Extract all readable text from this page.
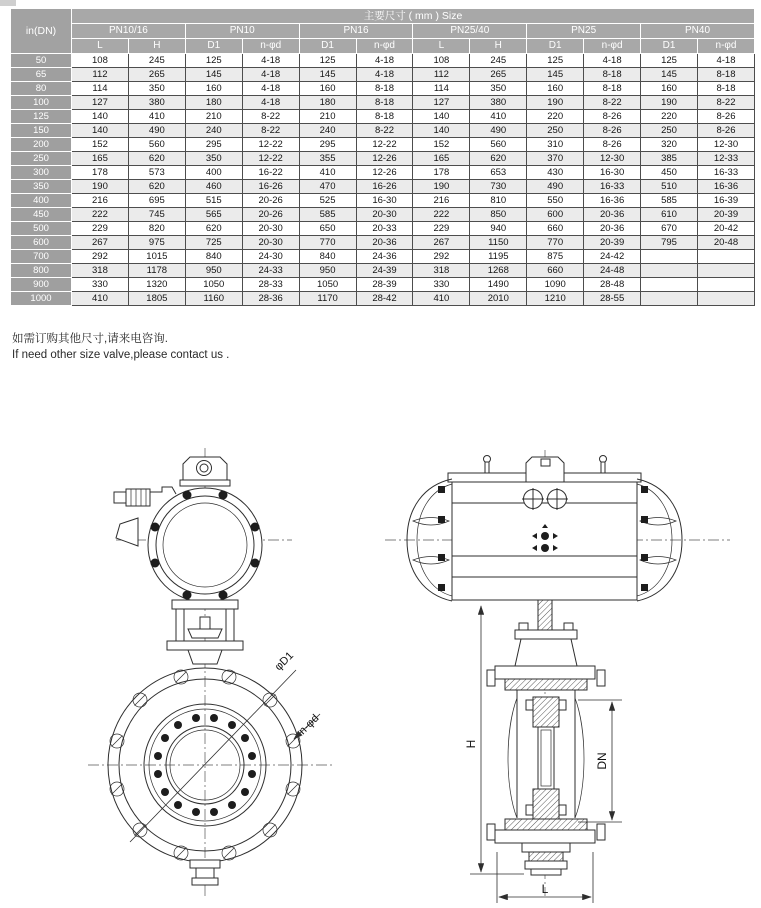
in(DN)	主要尺寸 ( mm ) Size											
	PN10/16		PN10		PN16		PN25/40		PN25		PN40	
	L	H	D1	n-φd	D1	n-φd	L	H	D1	n-φd	D1	n-φd
50	108	245	125	4-18	125	4-18	108	245	125	4-18	125	4-18
65	112	265	145	4-18	145	4-18	112	265	145	8-18	145	8-18
80	114	350	160	4-18	160	8-18	114	350	160	8-18	160	8-18
100	127	380	180	4-18	180	8-18	127	380	190	8-22	190	8-22
125	140	410	210	8-22	210	8-18	140	410	220	8-26	220	8-26
150	140	490	240	8-22	240	8-22	140	490	250	8-26	250	8-26
200	152	560	295	12-22	295	12-22	152	560	310	8-26	320	12-30
250	165	620	350	12-22	355	12-26	165	620	370	12-30	385	12-33
300	178	573	400	16-22	410	12-26	178	653	430	16-30	450	16-33
350	190	620	460	16-26	470	16-26	190	730	490	16-33	510	16-36
400	216	695	515	20-26	525	16-30	216	810	550	16-36	585	16-39
450	222	745	565	20-26	585	20-30	222	850	600	20-36	610	20-39
500	229	820	620	20-30	650	20-33	229	940	660	20-36	670	20-42
600	267	975	725	20-30	770	20-36	267	1150	770	20-39	795	20-48
700	292	1015	840	24-30	840	24-36	292	1195	875	24-42		
800	318	1178	950	24-33	950	24-39	318	1268	660	24-48		
900	330	1320	1050	28-33	1050	28-39	330	1490	1090	28-48		
1000	410	1805	1160	28-36	1170	28-42	410	2010	1210	28-55		
如需订购其他尺寸,请来电咨询.
If need other size valve,please contact us .
φD1
n-φd
H
DN
L
